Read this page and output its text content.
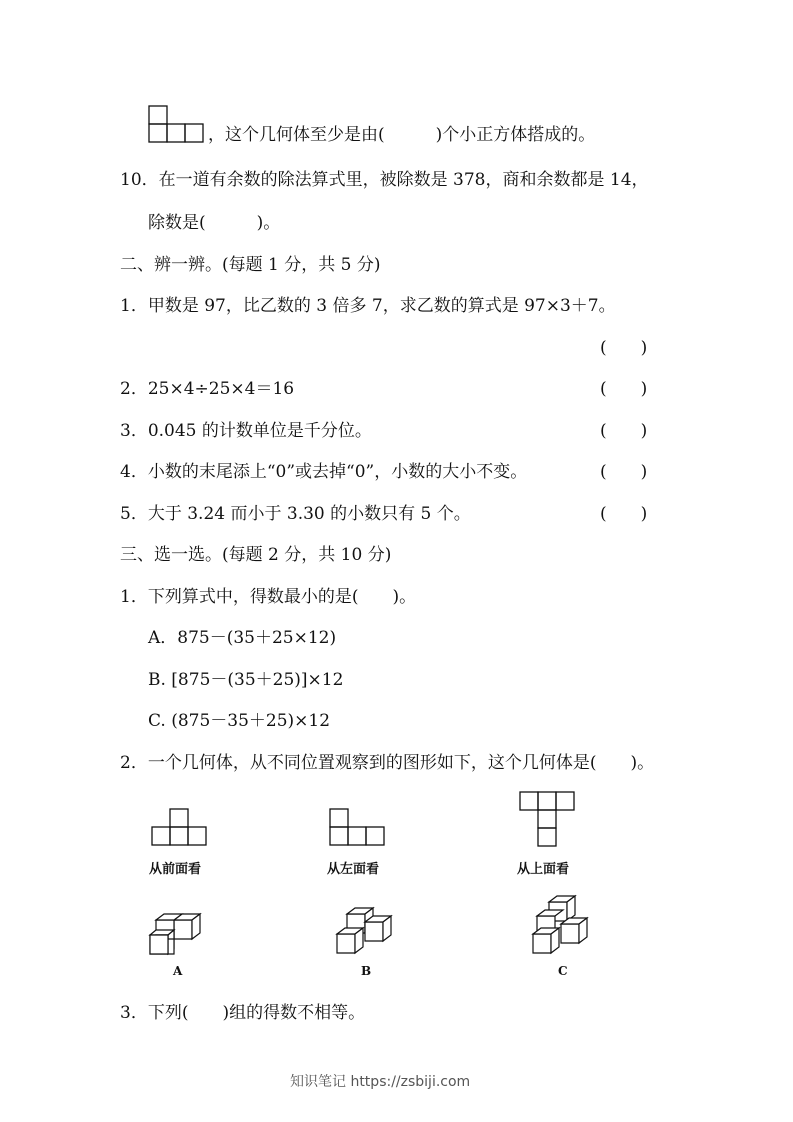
，这个几何体至少是由(　　　)个小正方体搭成的。
10．在一道有余数的除法算式里，被除数是 378，商和余数都是 14，
除数是(　　　)。
二、辨一辨。(每题 1 分，共 5 分)
1．甲数是 97，比乙数的 3 倍多 7，求乙数的算式是 97×3＋7。
(　　)
2．25×4÷25×4＝16	(　　)
3．0.045 的计数单位是千分位。	(　　)
4．小数的末尾添上“0”或去掉“0”，小数的大小不变。	(　　)
5．大于 3.24 而小于 3.30 的小数只有 5 个。	(　　)
三、选一选。(每题 2 分，共 10 分)
1．下列算式中，得数最小的是(　　)。
A．875－(35＋25×12)
B. [875－(35＋25)]×12
C. (875－35＋25)×12
2．一个几何体，从不同位置观察到的图形如下，这个几何体是(　　)。
从前面看	从左面看	从上面看
A	B	C
3．下列(　　)组的得数不相等。
知识笔记 https://zsbiji.com
